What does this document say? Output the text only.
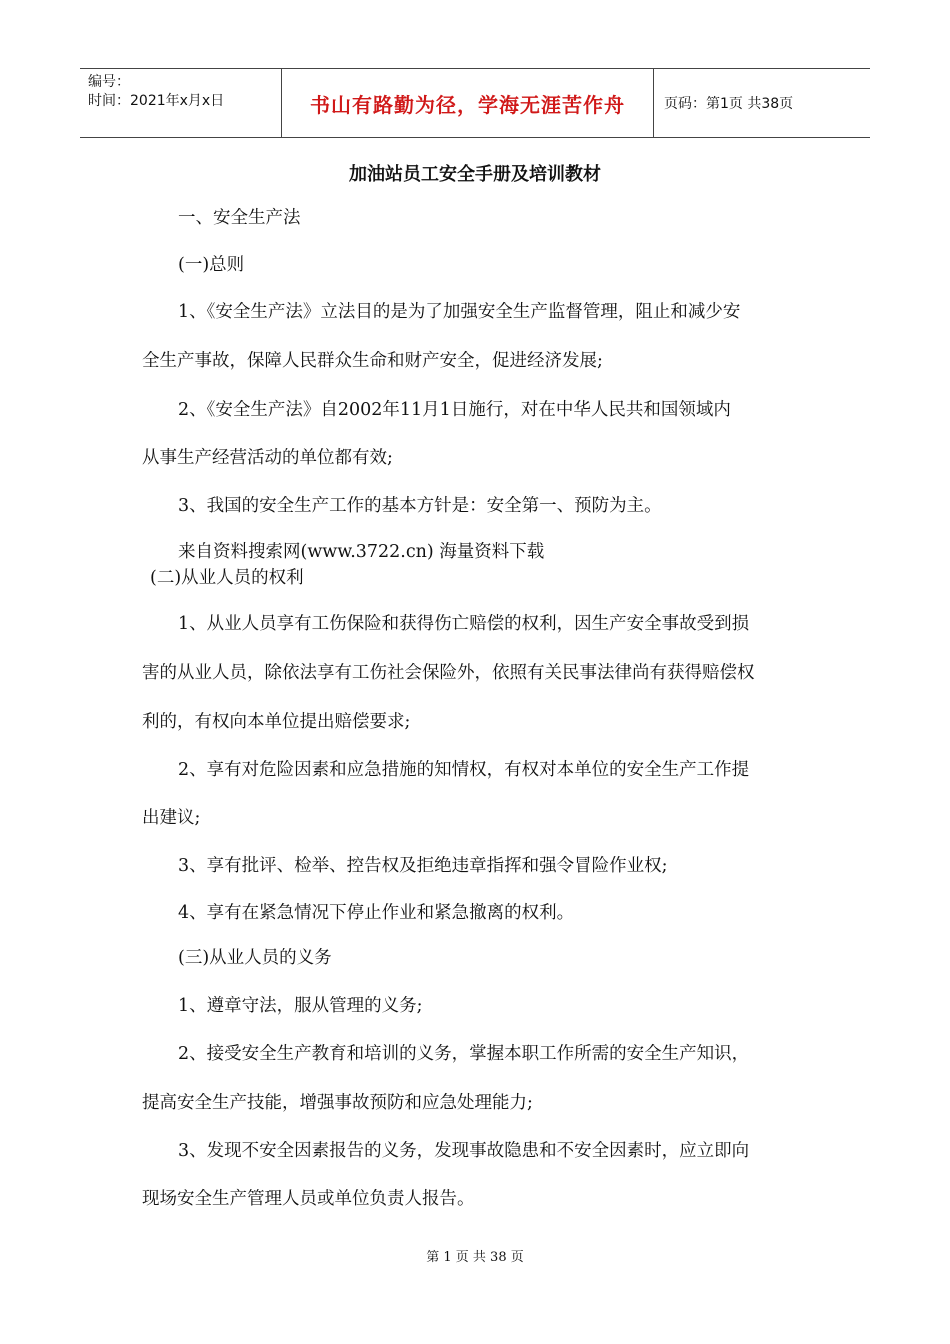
编号：
时间：2021年x月x日	书山有路勤为径，学海无涯苦作舟	页码：第1页 共38页
加油站员工安全手册及培训教材
一、安全生产法
(一)总则
1、《安全生产法》立法目的是为了加强安全生产监督管理，阻止和减少安
全生产事故，保障人民群众生命和财产安全，促进经济发展;
2、《安全生产法》自2002年11月1日施行，对在中华人民共和国领域内
从事生产经营活动的单位都有效;
3、我国的安全生产工作的基本方针是：安全第一、预防为主。
来自资料搜索网(www.3722.cn) 海量资料下载
(二)从业人员的权利
1、从业人员享有工伤保险和获得伤亡赔偿的权利，因生产安全事故受到损
害的从业人员，除依法享有工伤社会保险外，依照有关民事法律尚有获得赔偿权
利的，有权向本单位提出赔偿要求;
2、享有对危险因素和应急措施的知情权，有权对本单位的安全生产工作提
出建议;
3、享有批评、检举、控告权及拒绝违章指挥和强令冒险作业权;
4、享有在紧急情况下停止作业和紧急撤离的权利。
(三)从业人员的义务
1、遵章守法，服从管理的义务;
2、接受安全生产教育和培训的义务，掌握本职工作所需的安全生产知识，
提高安全生产技能，增强事故预防和应急处理能力;
3、发现不安全因素报告的义务，发现事故隐患和不安全因素时，应立即向
现场安全生产管理人员或单位负责人报告。
第 1 页 共 38 页
